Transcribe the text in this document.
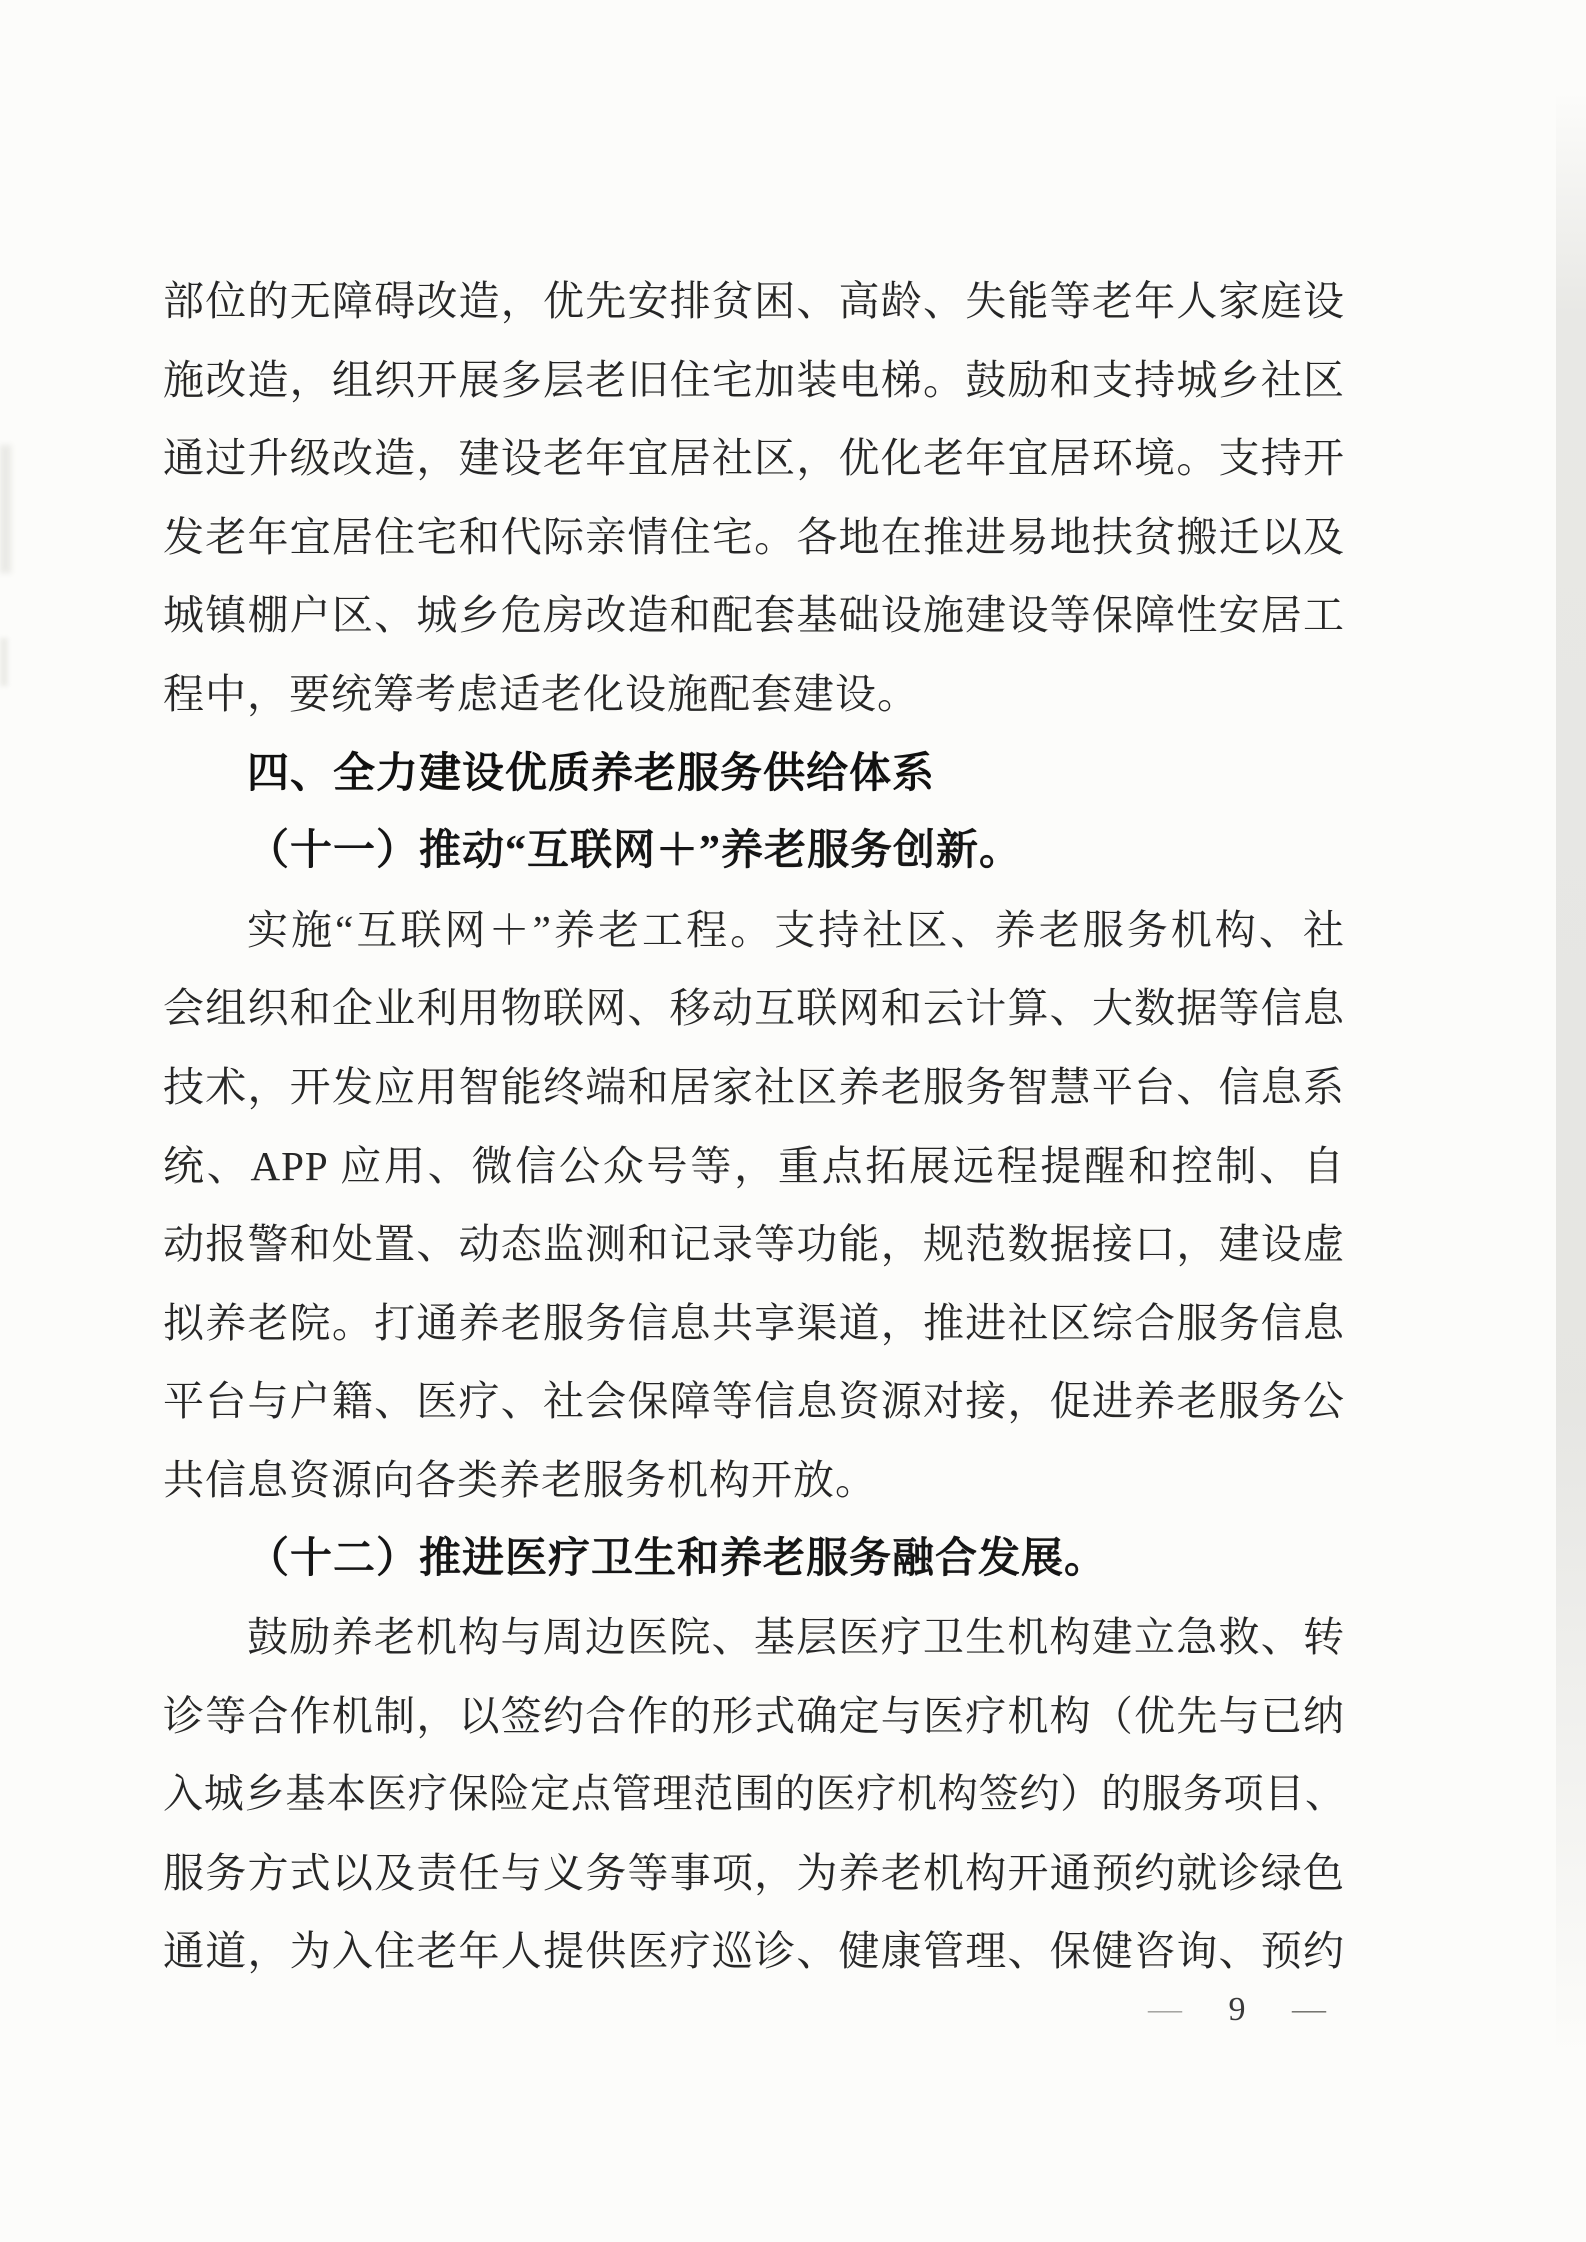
部位的无障碍改造，优先安排贫困、高龄、失能等老年人家庭设
施改造，组织开展多层老旧住宅加装电梯。鼓励和支持城乡社区
通过升级改造，建设老年宜居社区，优化老年宜居环境。支持开
发老年宜居住宅和代际亲情住宅。各地在推进易地扶贫搬迁以及
城镇棚户区、城乡危房改造和配套基础设施建设等保障性安居工
程中，要统筹考虑适老化设施配套建设。
四、全力建设优质养老服务供给体系
（十一）推动“互联网＋”养老服务创新。
实施“互联网＋”养老工程。支持社区、养老服务机构、社
会组织和企业利用物联网、移动互联网和云计算、大数据等信息
技术，开发应用智能终端和居家社区养老服务智慧平台、信息系
统、APP 应用、微信公众号等，重点拓展远程提醒和控制、自
动报警和处置、动态监测和记录等功能，规范数据接口，建设虚
拟养老院。打通养老服务信息共享渠道，推进社区综合服务信息
平台与户籍、医疗、社会保障等信息资源对接，促进养老服务公
共信息资源向各类养老服务机构开放。
（十二）推进医疗卫生和养老服务融合发展。
鼓励养老机构与周边医院、基层医疗卫生机构建立急救、转
诊等合作机制，以签约合作的形式确定与医疗机构（优先与已纳
入城乡基本医疗保险定点管理范围的医疗机构签约）的服务项目、
服务方式以及责任与义务等事项，为养老机构开通预约就诊绿色
通道，为入住老年人提供医疗巡诊、健康管理、保健咨询、预约
— 9 —
